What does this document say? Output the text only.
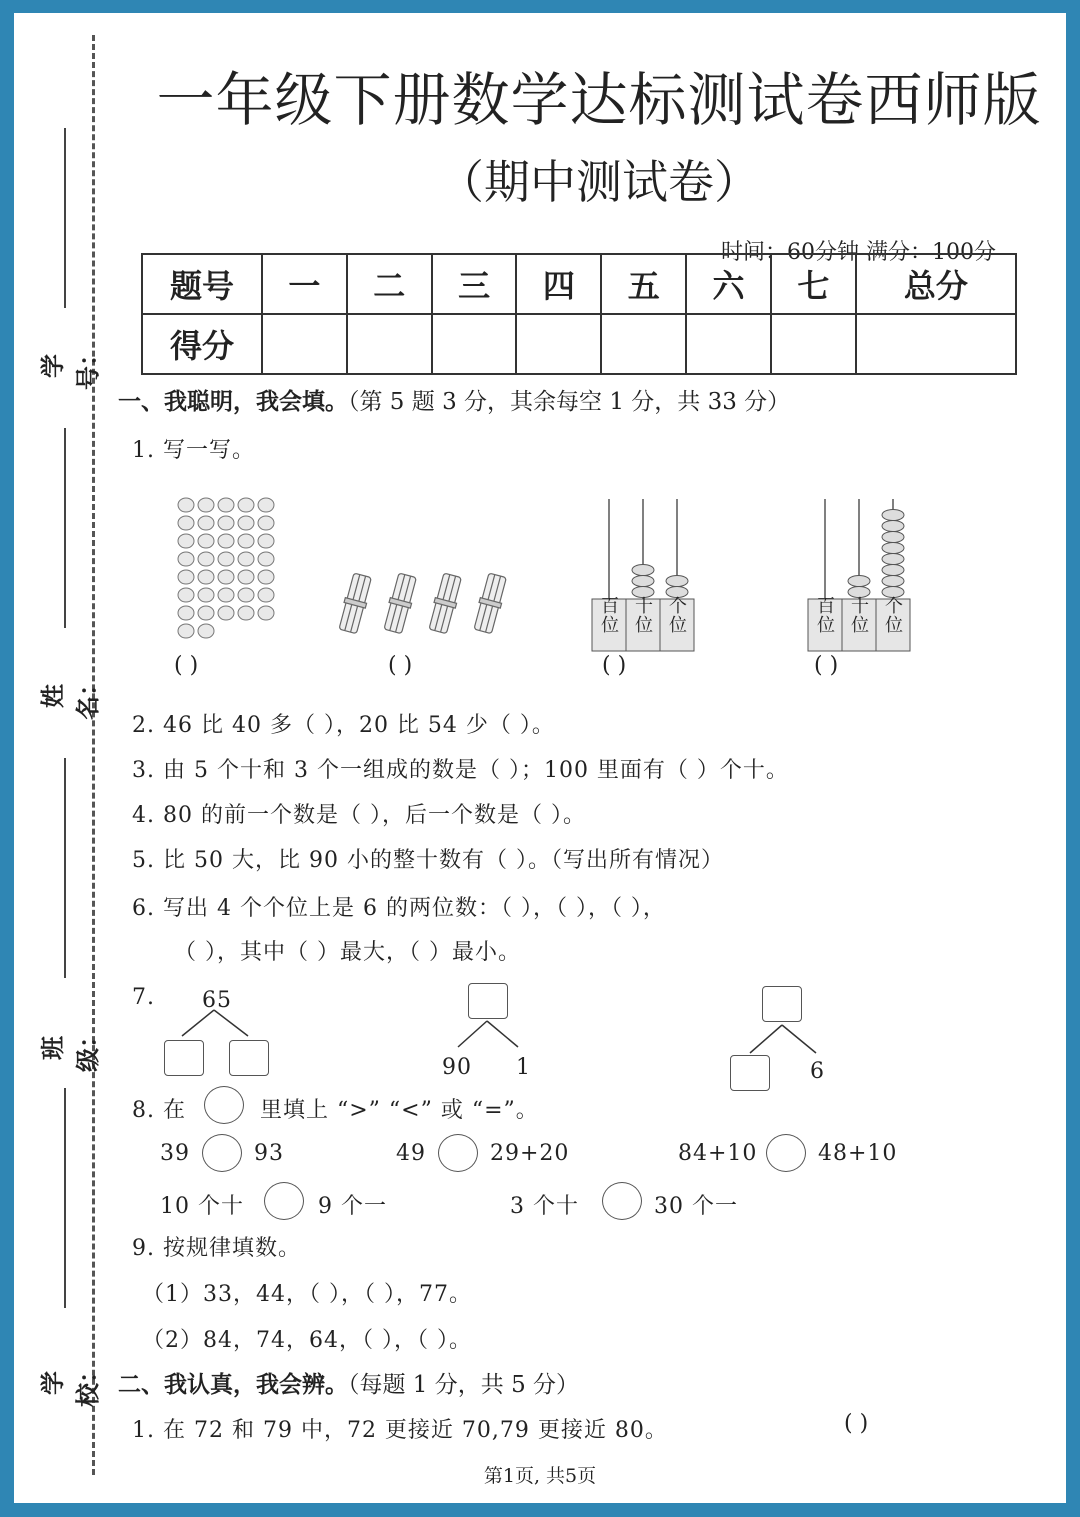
学号：
姓名：
班级：
学校：
一年级下册数学达标测试卷西师版
（期中测试卷）
时间：60分钟 满分：100分
题号	一	二	三	四	五	六	七	总分
得分								
一、我聪明，我会填。（第 5 题 3 分，其余每空 1 分，共 33 分）
1. 写一写。
百位
十位
个位
百位
十位
个位
( )	( )	( )	( )
2. 46 比 40 多（ ），20 比 54 少（ ）。
3. 由 5 个十和 3 个一组成的数是（ ）；100 里面有（ ）个十。
4. 80 的前一个数是（ ），后一个数是（ ）。
5. 比 50 大，比 90 小的整十数有（ ）。（写出所有情况）
6. 写出 4 个个位上是 6 的两位数：（ ），（ ），（ ），
（ ），其中（ ）最大，（ ）最小。
7. 65
90 1	6
8. 在	里填上 “>” “<” 或 “=”。
39	93	49	29+20	84+10	48+10
10 个十	9 个一	3 个十	30 个一
9. 按规律填数。
（1）33，44，（ ），（ ），77。
（2）84，74，64，（ ），（ ）。
二、我认真，我会辨。（每题 1 分，共 5 分）
1. 在 72 和 79 中，72 更接近 70,79 更接近 80。	( )
第1页, 共5页
